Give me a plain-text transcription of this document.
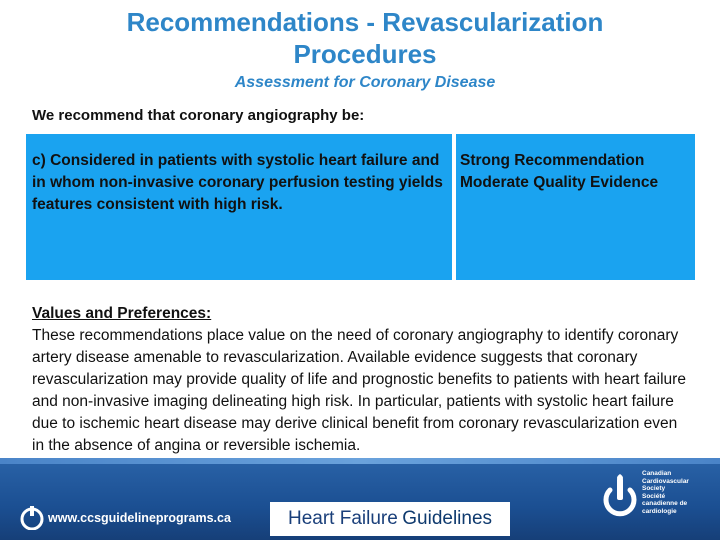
Recommendations - Revascularization Procedures
Assessment for Coronary Disease
We recommend that coronary angiography be:
c) Considered in patients with systolic heart failure and in whom non-invasive coronary perfusion testing yields features consistent with high risk.
Strong Recommendation
Moderate Quality Evidence
Values and Preferences:
These recommendations place value on the need of coronary angiography to identify coronary artery disease amenable to revascularization. Available evidence suggests that coronary revascularization may provide quality of life and prognostic benefits to patients with heart failure and non-invasive imaging delineating high risk. In particular, patients with systolic heart failure due to ischemic heart disease may derive clinical benefit from coronary revascularization even in the absence of angina or reversible ischemia.
www.ccsguidelineprograms.ca	Heart Failure Guidelines
Canadian
Cardiovascular
Society
Société
canadienne de
cardiologie
